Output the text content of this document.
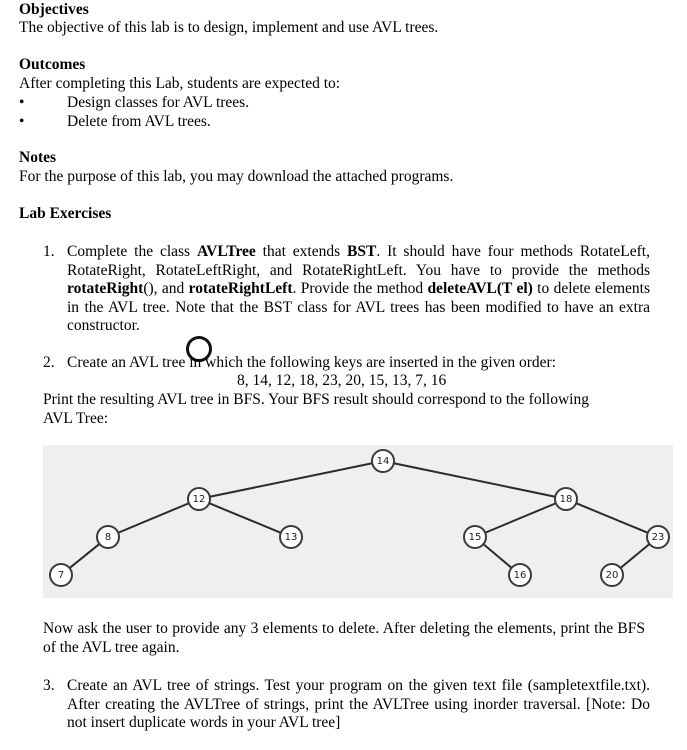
Objectives
The objective of this lab is to design, implement and use AVL trees.
Outcomes
After completing this Lab, students are expected to:
•	Design classes for AVL trees.
•	Delete from AVL trees.
Notes
For the purpose of this lab, you may download the attached programs.
Lab Exercises
1. Complete the class AVLTree that extends BST. It should have four methods RotateLeft, RotateRight, RotateLeftRight, and RotateRightLeft. You have to provide the methods rotateRight(), and rotateRightLeft. Provide the method deleteAVL(T el) to delete elements in the AVL tree. Note that the BST class for AVL trees has been modified to have an extra constructor.
2. Create an AVL tree in which the following keys are inserted in the given order:
8, 14, 12, 18, 23, 20, 15, 13, 7, 16
Print the resulting AVL tree in BFS. Your BFS result should correspond to the following
AVL Tree:
14
12	18
8	13	15	23
7	16	20
Now ask the user to provide any 3 elements to delete. After deleting the elements, print the BFS of the AVL tree again.
3. Create an AVL tree of strings. Test your program on the given text file (sampletextfile.txt). After creating the AVLTree of strings, print the AVLTree using inorder traversal. [Note: Do not insert duplicate words in your AVL tree]
